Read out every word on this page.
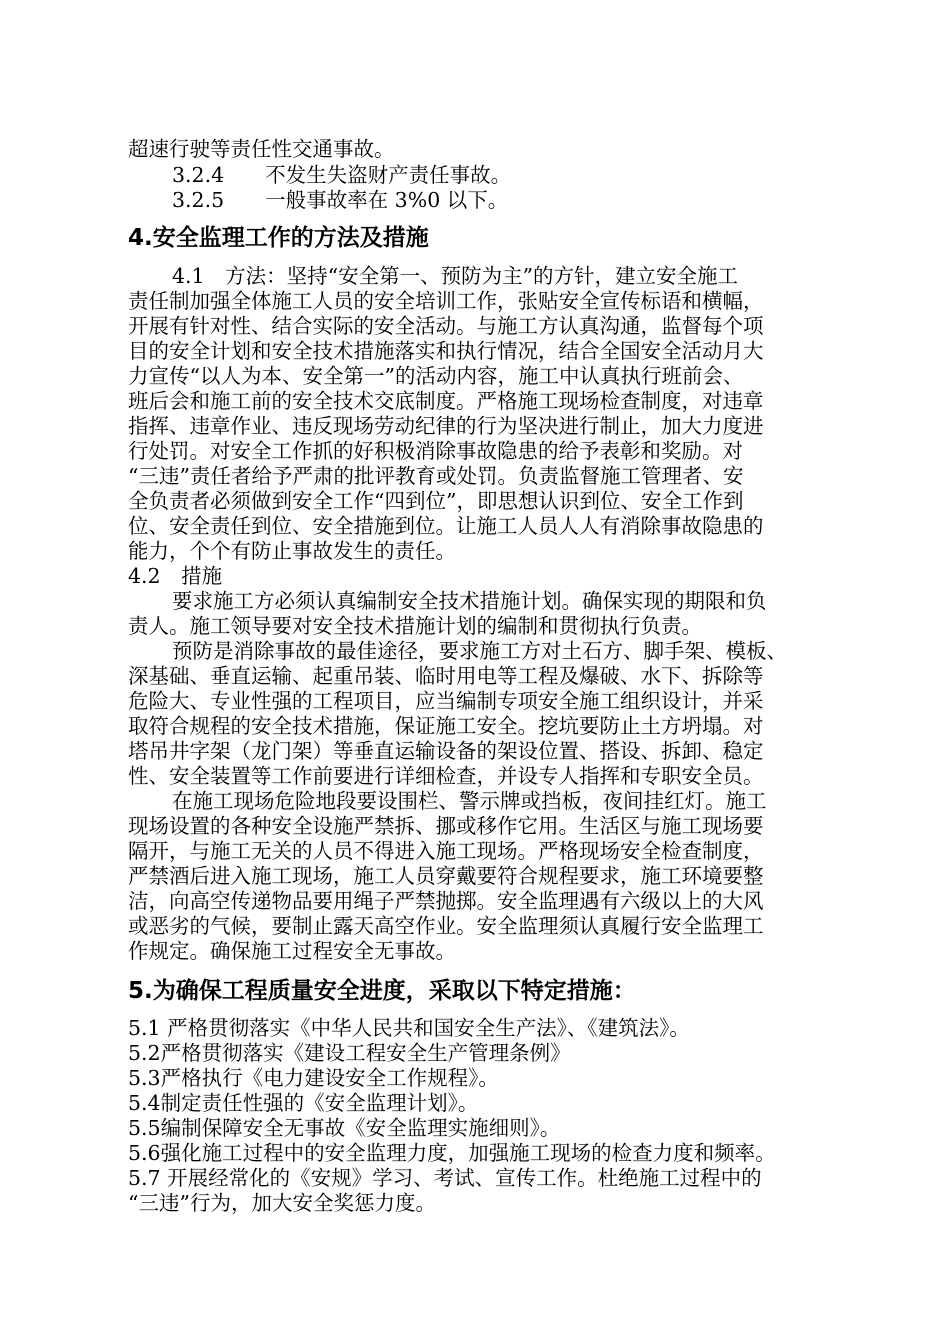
超速行驶等责任性交通事故。
3.2.4　　不发生失盗财产责任事故。
3.2.5　　一般事故率在 3%0 以下。
4.安全监理工作的方法及措施
4.1　方法：坚持“安全第一、预防为主”的方针，建立安全施工
责任制加强全体施工人员的安全培训工作，张贴安全宣传标语和横幅，
开展有针对性、结合实际的安全活动。与施工方认真沟通，监督每个项
目的安全计划和安全技术措施落实和执行情况，结合全国安全活动月大
力宣传“以人为本、安全第一”的活动内容，施工中认真执行班前会、
班后会和施工前的安全技术交底制度。严格施工现场检查制度，对违章
指挥、违章作业、违反现场劳动纪律的行为坚决进行制止，加大力度进
行处罚。对安全工作抓的好积极消除事故隐患的给予表彰和奖励。对
“三违”责任者给予严肃的批评教育或处罚。负责监督施工管理者、安
全负责者必须做到安全工作“四到位”，即思想认识到位、安全工作到
位、安全责任到位、安全措施到位。让施工人员人人有消除事故隐患的
能力，个个有防止事故发生的责任。
4.2　措施
要求施工方必须认真编制安全技术措施计划。确保实现的期限和负
责人。施工领导要对安全技术措施计划的编制和贯彻执行负责。
预防是消除事故的最佳途径，要求施工方对土石方、脚手架、模板、
深基础、垂直运输、起重吊装、临时用电等工程及爆破、水下、拆除等
危险大、专业性强的工程项目，应当编制专项安全施工组织设计，并采
取符合规程的安全技术措施，保证施工安全。挖坑要防止土方坍塌。对
塔吊井字架（龙门架）等垂直运输设备的架设位置、搭设、拆卸、稳定
性、安全装置等工作前要进行详细检查，并设专人指挥和专职安全员。
在施工现场危险地段要设围栏、警示牌或挡板，夜间挂红灯。施工
现场设置的各种安全设施严禁拆、挪或移作它用。生活区与施工现场要
隔开，与施工无关的人员不得进入施工现场。严格现场安全检查制度，
严禁酒后进入施工现场，施工人员穿戴要符合规程要求，施工环境要整
洁，向高空传递物品要用绳子严禁抛掷。安全监理遇有六级以上的大风
或恶劣的气候，要制止露天高空作业。安全监理须认真履行安全监理工
作规定。确保施工过程安全无事故。
5.为确保工程质量安全进度，采取以下特定措施：
5.1 严格贯彻落实《中华人民共和国安全生产法》、《建筑法》。
5.2严格贯彻落实《建设工程安全生产管理条例》
5.3严格执行《电力建设安全工作规程》。
5.4制定责任性强的《安全监理计划》。
5.5编制保障安全无事故《安全监理实施细则》。
5.6强化施工过程中的安全监理力度，加强施工现场的检查力度和频率。
5.7 开展经常化的《安规》学习、考试、宣传工作。杜绝施工过程中的
“三违”行为，加大安全奖惩力度。
